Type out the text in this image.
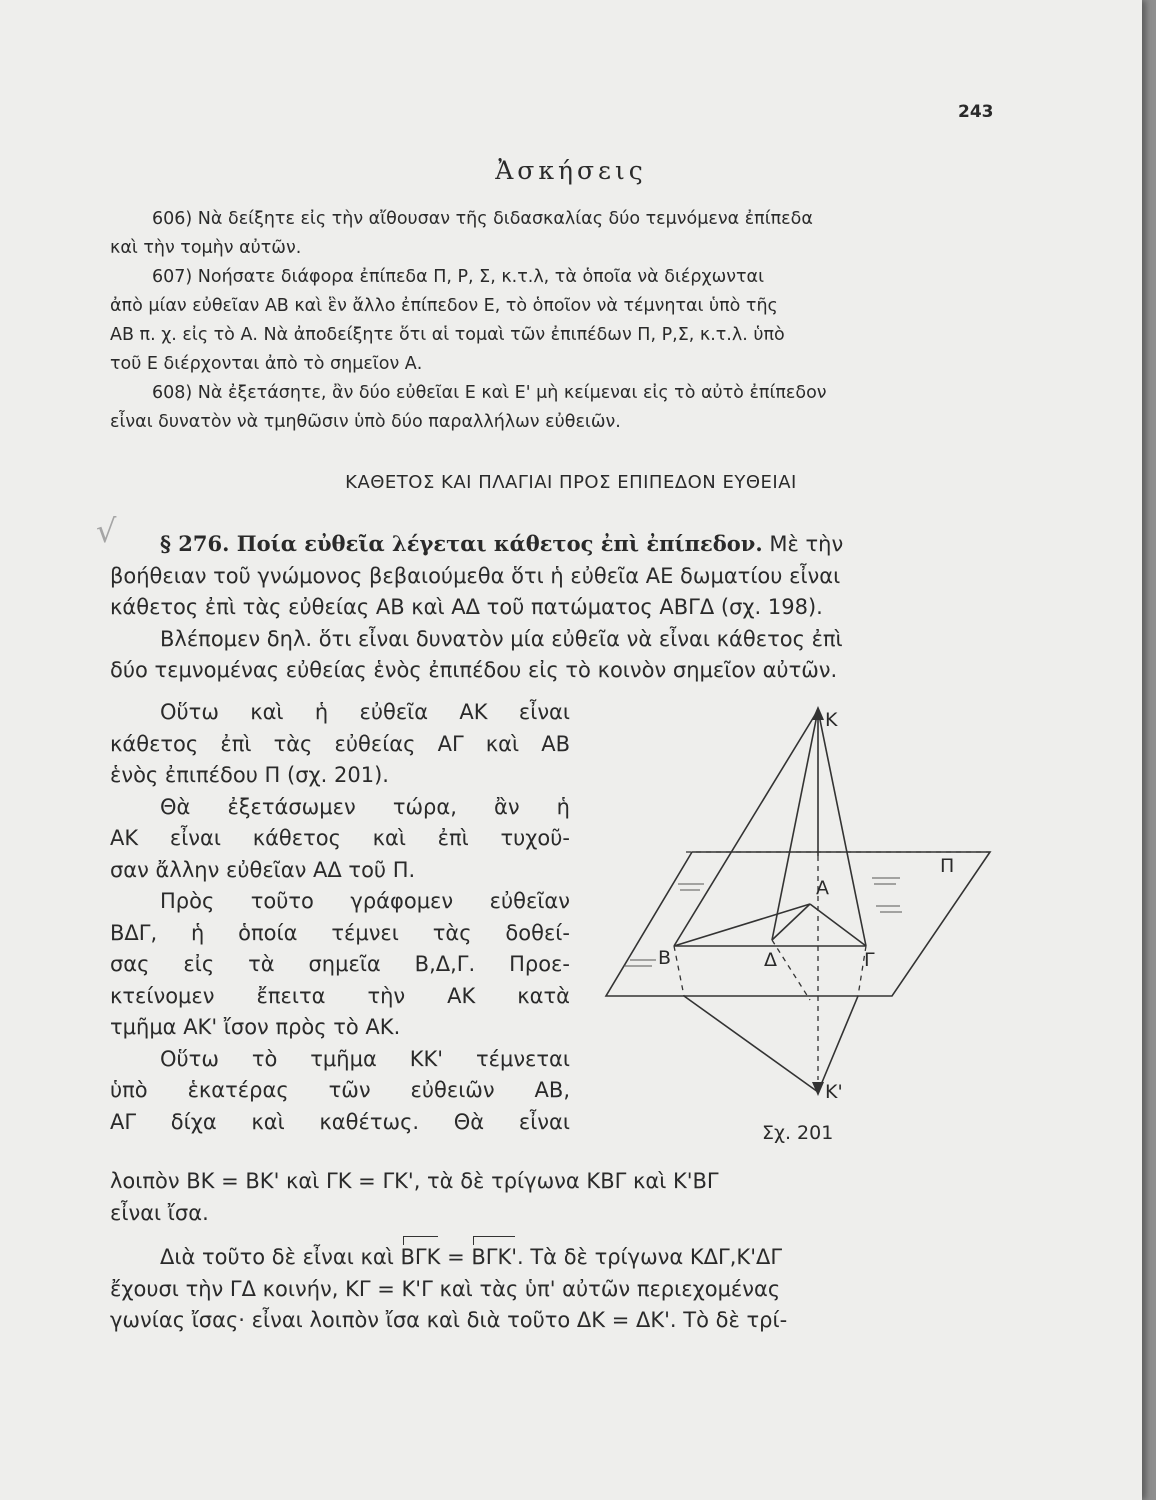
243
Ἀσκήσεις
606) Νὰ δείξητε εἰς τὴν αἴθουσαν τῆς διδασκαλίας δύο τεμνόμενα ἐπίπεδα
καὶ τὴν τομὴν αὐτῶν.
607) Νοήσατε διάφορα ἐπίπεδα Π, Ρ, Σ, κ.τ.λ, τὰ ὁποῖα νὰ διέρχωνται
ἀπὸ μίαν εὐθεῖαν ΑΒ καὶ ἓν ἄλλο ἐπίπεδον Ε, τὸ ὁποῖον νὰ τέμνηται ὑπὸ τῆς
ΑΒ π. χ. εἰς τὸ Α. Νὰ ἀποδείξητε ὅτι αἱ τομαὶ τῶν ἐπιπέδων Π, Ρ,Σ, κ.τ.λ. ὑπὸ
τοῦ Ε διέρχονται ἀπὸ τὸ σημεῖον Α.
608) Νὰ ἐξετάσητε, ἂν δύο εὐθεῖαι Ε καὶ Ε' μὴ κείμεναι εἰς τὸ αὐτὸ ἐπίπεδον
εἶναι δυνατὸν νὰ τμηθῶσιν ὑπὸ δύο παραλλήλων εὐθειῶν.
ΚΑΘΕΤΟΣ ΚΑΙ ΠΛΑΓΙΑΙ ΠΡΟΣ ΕΠΙΠΕΔΟΝ ΕΥΘΕΙΑΙ
√	§ 276. Ποία εὐθεῖα λέγεται κάθετος ἐπὶ ἐπίπεδον. Μὲ τὴν
βοήθειαν τοῦ γνώμονος βεβαιούμεθα ὅτι ἡ εὐθεῖα ΑΕ δωματίου εἶναι
κάθετος ἐπὶ τὰς εὐθείας ΑΒ καὶ ΑΔ τοῦ πατώματος ΑΒΓΔ (σχ. 198).
Βλέπομεν δηλ. ὅτι εἶναι δυνατὸν μία εὐθεῖα νὰ εἶναι κάθετος ἐπὶ
δύο τεμνομένας εὐθείας ἑνὸς ἐπιπέδου εἰς τὸ κοινὸν σημεῖον αὐτῶν.
Οὕτω καὶ ἡ εὐθεῖα ΑΚ εἶναι
κάθετος ἐπὶ τὰς εὐθείας ΑΓ καὶ ΑΒ
ἑνὸς ἐπιπέδου Π (σχ. 201).
Θὰ ἐξετάσωμεν τώρα, ἂν ἡ
ΑΚ εἶναι κάθετος καὶ ἐπὶ τυχοῦ-
σαν ἄλλην εὐθεῖαν ΑΔ τοῦ Π.
Πρὸς τοῦτο γράφομεν εὐθεῖαν
ΒΔΓ, ἡ ὁποία τέμνει τὰς δοθεί-
σας εἰς τὰ σημεῖα Β,Δ,Γ. Προε-
κτείνομεν ἔπειτα τὴν ΑΚ κατὰ
τμῆμα ΑΚ' ἴσον πρὸς τὸ ΑΚ.
Οὕτω τὸ τμῆμα ΚΚ' τέμνεται
ὑπὸ ἑκατέρας τῶν εὐθειῶν ΑΒ,
ΑΓ δίχα καὶ καθέτως. Θὰ εἶναι
K
K'
Α
B	Δ	Γ
Π
Σχ. 201
λοιπὸν ΒΚ = ΒΚ' καὶ ΓΚ = ΓΚ', τὰ δὲ τρίγωνα ΚΒΓ καὶ Κ'ΒΓ
εἶναι ἴσα.
Διὰ τοῦτο δὲ εἶναι καὶ ΒΓΚ = ΒΓΚ'. Τὰ δὲ τρίγωνα ΚΔΓ,Κ'ΔΓ
ἔχουσι τὴν ΓΔ κοινήν, ΚΓ = Κ'Γ καὶ τὰς ὑπ' αὐτῶν περιεχομένας
γωνίας ἴσας· εἶναι λοιπὸν ἴσα καὶ διὰ τοῦτο ΔΚ = ΔΚ'. Τὸ δὲ τρί-
